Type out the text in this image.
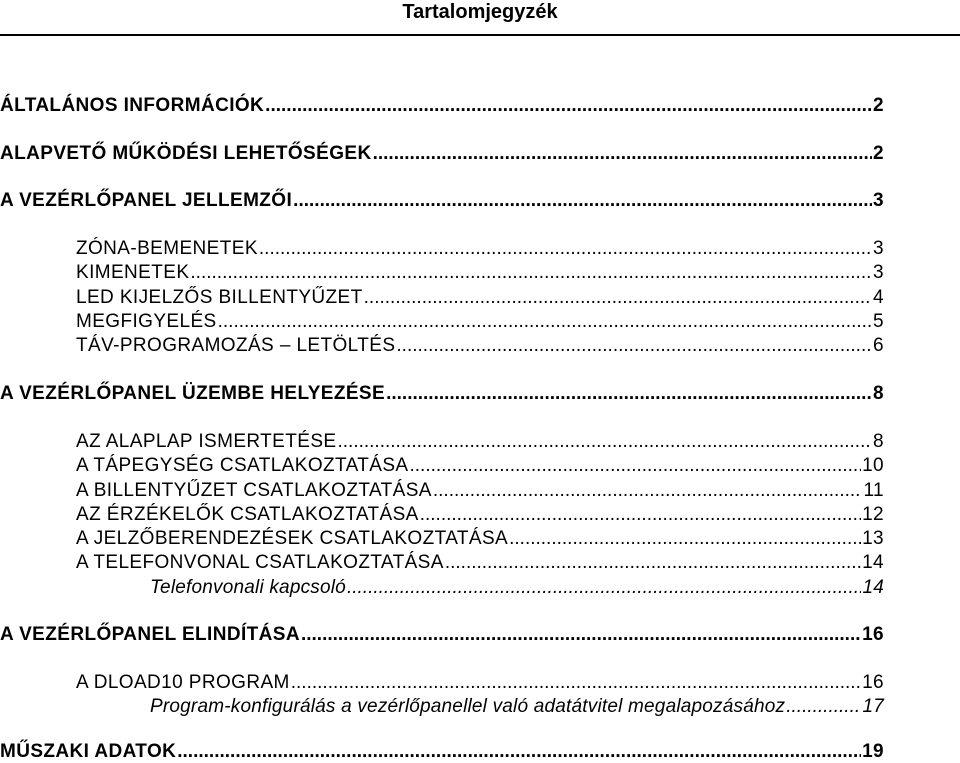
Tartalomjegyzék
ÁLTALÁNOS INFORMÁCIÓK .....	2
ALAPVETŐ MŰKÖDÉSI LEHETŐSÉGEK .....	2
A VEZÉRLŐPANEL JELLEMZŐI .....	3
ZÓNA-BEMENETEK .....	3
KIMENETEK .....	3
LED KIJELZŐS BILLENTYŰZET .....	4
MEGFIGYELÉS .....	5
TÁV-PROGRAMOZÁS – LETÖLTÉS .....	6
A VEZÉRLŐPANEL ÜZEMBE HELYEZÉSE .....	8
AZ ALAPLAP ISMERTETÉSE .....	8
A TÁPEGYSÉG CSATLAKOZTATÁSA .....	10
A BILLENTYŰZET CSATLAKOZTATÁSA .....	11
AZ ÉRZÉKELŐK CSATLAKOZTATÁSA .....	12
A JELZŐBERENDEZÉSEK CSATLAKOZTATÁSA .....	13
A TELEFONVONAL CSATLAKOZTATÁSA .....	14
Telefonvonali kapcsoló .....	14
A VEZÉRLŐPANEL ELINDÍTÁSA .....	16
A DLOAD10 PROGRAM .....	16
Program-konfigurálás a vezérlőpanellel való adatátvitel megalapozásához .....	17
MŰSZAKI ADATOK .....	19
